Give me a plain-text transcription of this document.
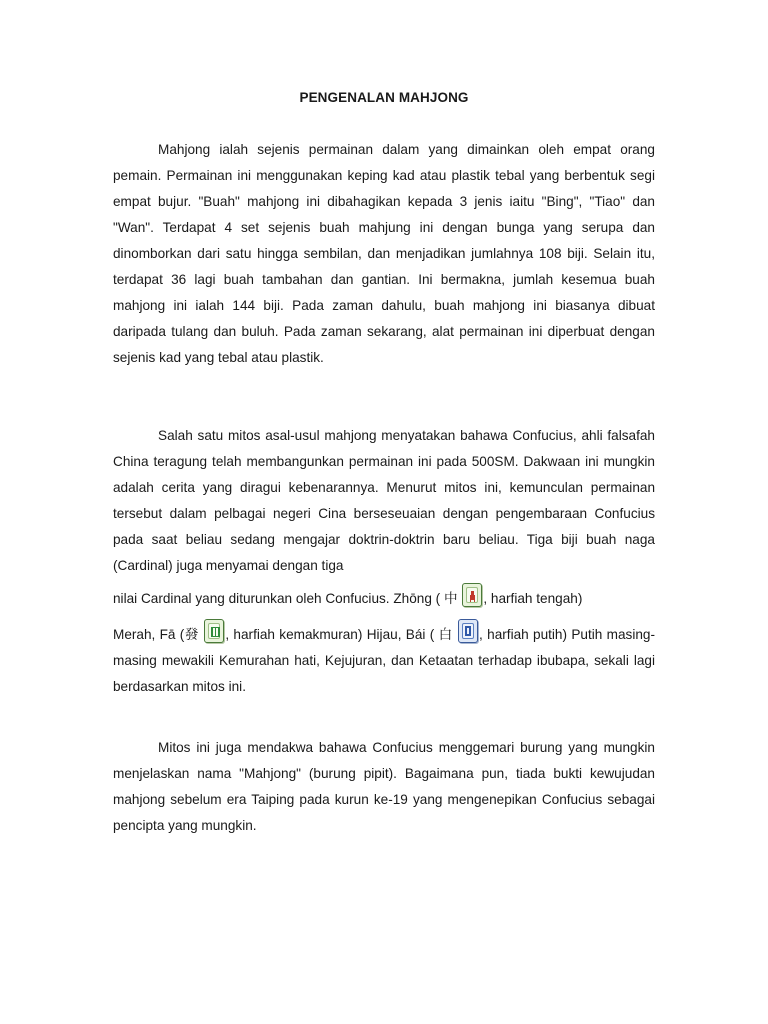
PENGENALAN MAHJONG

Mahjong ialah sejenis permainan dalam yang dimainkan oleh empat orang pemain. Permainan ini menggunakan keping kad atau plastik tebal yang berbentuk segi empat bujur. "Buah" mahjong ini dibahagikan kepada 3 jenis iaitu "Bing", "Tiao" dan "Wan". Terdapat 4 set sejenis buah mahjung ini dengan bunga yang serupa dan dinomborkan dari satu hingga sembilan, dan menjadikan jumlahnya 108 biji. Selain itu, terdapat 36 lagi buah tambahan dan gantian. Ini bermakna, jumlah kesemua buah mahjong ini ialah 144 biji. Pada zaman dahulu, buah mahjong ini biasanya dibuat daripada tulang dan buluh. Pada zaman sekarang, alat permainan ini diperbuat dengan sejenis kad yang tebal atau plastik.

Salah satu mitos asal-usul mahjong menyatakan bahawa Confucius, ahli falsafah China teragung telah membangunkan permainan ini pada 500SM. Dakwaan ini mungkin adalah cerita yang diragui kebenarannya. Menurut mitos ini, kemunculan permainan tersebut dalam pelbagai negeri Cina berseseuaian dengan pengembaraan Confucius pada saat beliau sedang mengajar doktrin-doktrin baru beliau. Tiga biji buah naga (Cardinal) juga menyamai dengan tiga
nilai Cardinal yang diturunkan oleh Confucius. Zhōng ( 中
, harfiah tengah)
Merah, Fā (發
, harfiah kemakmuran) Hijau, Bái ( 白
, harfiah putih) Putih masing-masing mewakili Kemurahan hati, Kejujuran, dan Ketaatan terhadap ibubapa, sekali lagi berdasarkan mitos ini.

Mitos ini juga mendakwa bahawa Confucius menggemari burung yang mungkin menjelaskan nama "Mahjong" (burung pipit). Bagaimana pun, tiada bukti kewujudan mahjong sebelum era Taiping pada kurun ke-19 yang mengenepikan Confucius sebagai pencipta yang mungkin.
